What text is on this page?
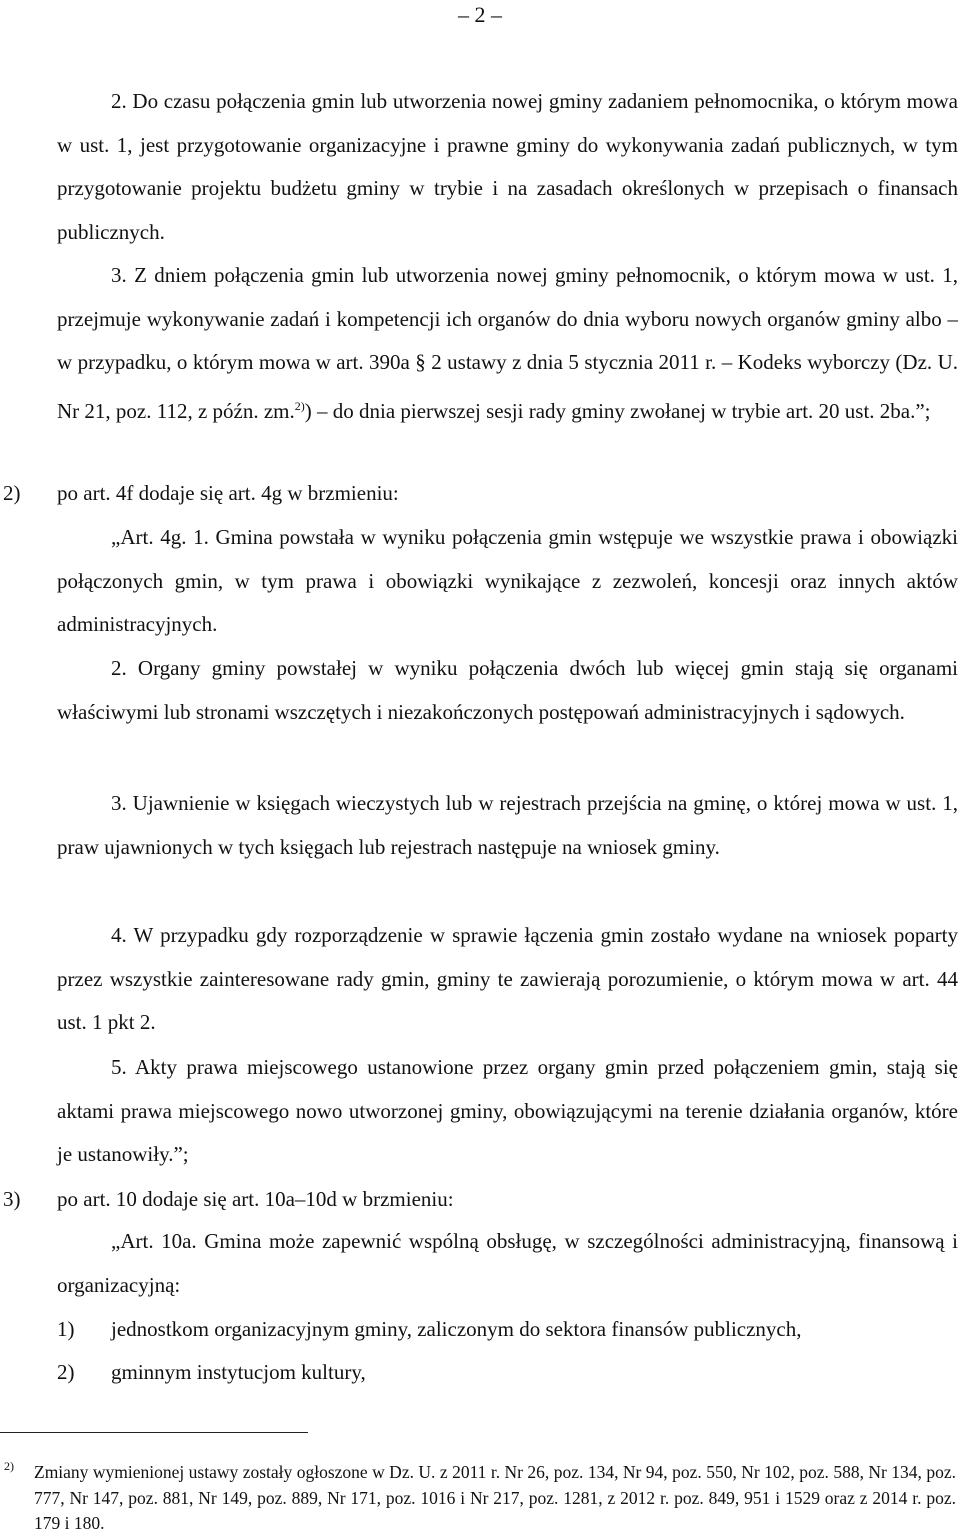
– 2 –
2. Do czasu połączenia gmin lub utworzenia nowej gminy zadaniem pełnomocnika, o którym mowa w ust. 1, jest przygotowanie organizacyjne i prawne gminy do wykonywania zadań publicznych, w tym przygotowanie projektu budżetu gminy w trybie i na zasadach określonych w przepisach o finansach publicznych.
3. Z dniem połączenia gmin lub utworzenia nowej gminy pełnomocnik, o którym mowa w ust. 1, przejmuje wykonywanie zadań i kompetencji ich organów do dnia wyboru nowych organów gminy albo – w przypadku, o którym mowa w art. 390a § 2 ustawy z dnia 5 stycznia 2011 r. – Kodeks wyborczy (Dz. U. Nr 21, poz. 112, z późn. zm.$^{2)}$) – do dnia pierwszej sesji rady gminy zwołanej w trybie art. 20 ust. 2ba.”;
2) po art. 4f dodaje się art. 4g w brzmieniu:
„Art. 4g. 1. Gmina powstała w wyniku połączenia gmin wstępuje we wszystkie prawa i obowiązki połączonych gmin, w tym prawa i obowiązki wynikające z zezwoleń, koncesji oraz innych aktów administracyjnych.
2. Organy gminy powstałej w wyniku połączenia dwóch lub więcej gmin stają się organami właściwymi lub stronami wszczętych i niezakończonych postępowań administracyjnych i sądowych.
3. Ujawnienie w księgach wieczystych lub w rejestrach przejścia na gminę, o której mowa w ust. 1, praw ujawnionych w tych księgach lub rejestrach następuje na wniosek gminy.
4. W przypadku gdy rozporządzenie w sprawie łączenia gmin zostało wydane na wniosek poparty przez wszystkie zainteresowane rady gmin, gminy te zawierają porozumienie, o którym mowa w art. 44 ust. 1 pkt 2.
5. Akty prawa miejscowego ustanowione przez organy gmin przed połączeniem gmin, stają się aktami prawa miejscowego nowo utworzonej gminy, obowiązującymi na terenie działania organów, które je ustanowiły.”;
3) po art. 10 dodaje się art. 10a–10d w brzmieniu:
„Art. 10a. Gmina może zapewnić wspólną obsługę, w szczególności administracyjną, finansową i organizacyjną:
1) jednostkom organizacyjnym gminy, zaliczonym do sektora finansów publicznych,
2) gminnym instytucjom kultury,
2) Zmiany wymienionej ustawy zostały ogłoszone w Dz. U. z 2011 r. Nr 26, poz. 134, Nr 94, poz. 550, Nr 102, poz. 588, Nr 134, poz. 777, Nr 147, poz. 881, Nr 149, poz. 889, Nr 171, poz. 1016 i Nr 217, poz. 1281, z 2012 r. poz. 849, 951 i 1529 oraz z 2014 r. poz. 179 i 180.
